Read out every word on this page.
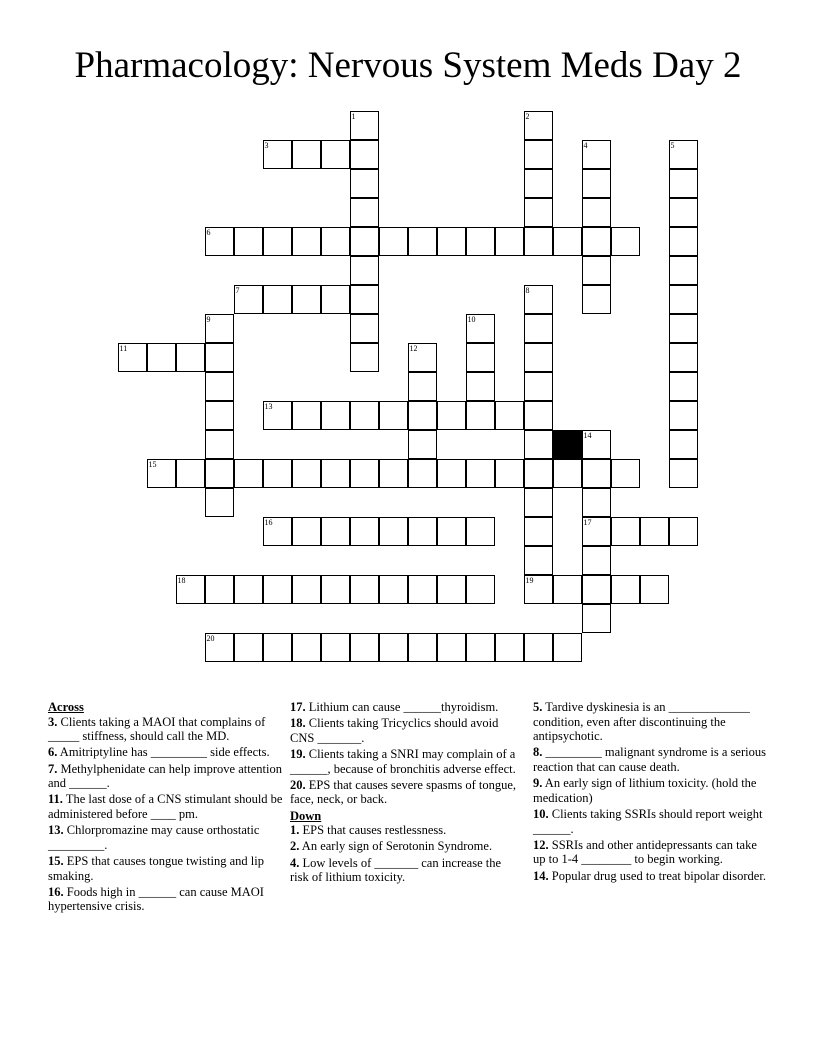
Pharmacology: Nervous System Meds Day 2
1	2
3	4	5
6
7	8
9	10
11	12
13
14
15
16	17
18	19
20
Across
3. Clients taking a MAOI that complains of _____ stiffness, should call the MD.
6. Amitriptyline has _________ side effects.
7. Methylphenidate can help improve attention and ______.
11. The last dose of a CNS stimulant should be administered before ____ pm.
13. Chlorpromazine may cause orthostatic _________.
15. EPS that causes tongue twisting and lip smaking.
16. Foods high in ______ can cause MAOI hypertensive crisis.
17. Lithium can cause ______thyroidism.
18. Clients taking Tricyclics should avoid CNS _______.
19. Clients taking a SNRI may complain of a ______, because of bronchitis adverse effect.
20. EPS that causes severe spasms of tongue, face, neck, or back.
Down
1. EPS that causes restlessness.
2. An early sign of Serotonin Syndrome.
4. Low levels of _______ can increase the risk of lithium toxicity.
5. Tardive dyskinesia is an _____________ condition, even after discontinuing the antipsychotic.
8. _________ malignant syndrome is a serious reaction that can cause death.
9. An early sign of lithium toxicity. (hold the medication)
10. Clients taking SSRIs should report weight ______.
12. SSRIs and other antidepressants can take up to 1-4 ________ to begin working.
14. Popular drug used to treat bipolar disorder.
